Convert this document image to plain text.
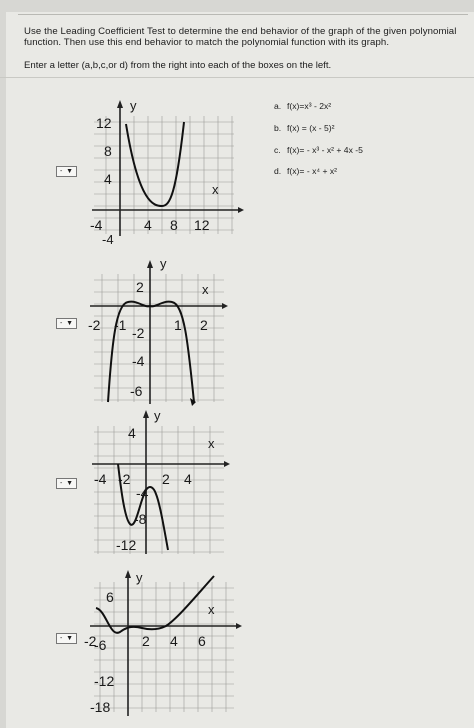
Use the Leading Coefficient Test to determine the end behavior of the graph of the given polynomial
function. Then use this end behavior to match the polynomial function with its graph.
Enter a letter (a,b,c,or d) from the right into each of the boxes on the left.
a. f(x)=x³ - 2x²
b. f(x) = (x - 5)²
c. f(x)= - x³ - x² + 4x -5
d. f(x)= - x⁴ + x²
- ▼
- ▼
- ▼
- ▼
y
x
12
8
4
-4
-4	4 8 12
y
x
2
-2
-4
-6
-2 -1	1 2
y
x
4
-4
-8
-12
-4 -2 2 4
y
x
6
-6
-12
-18
-2	2 4 6
